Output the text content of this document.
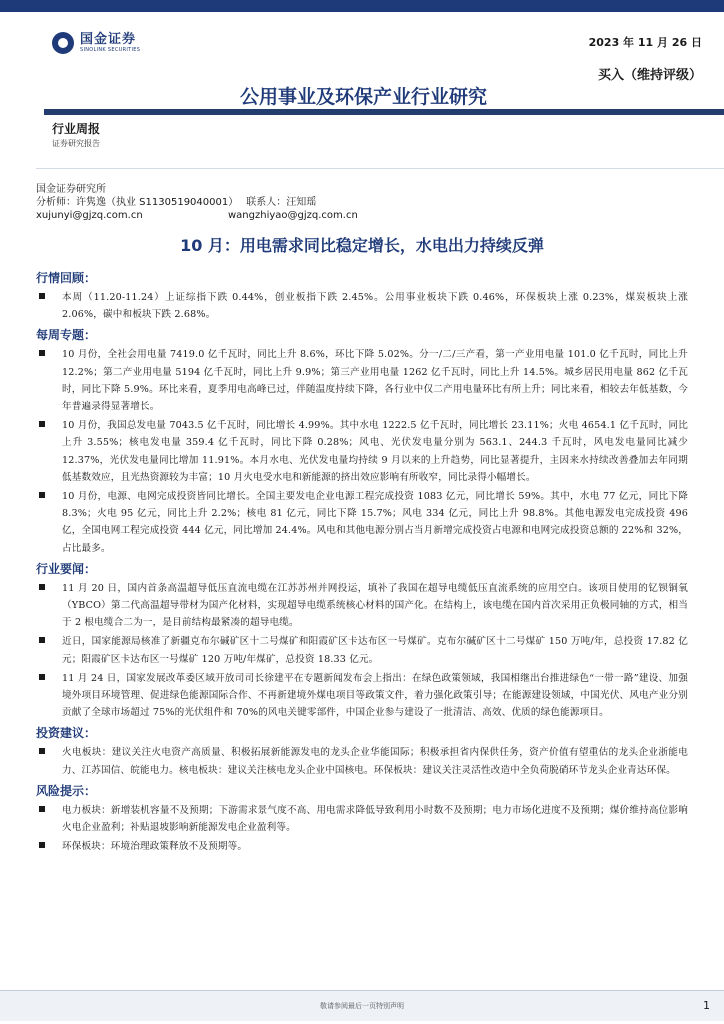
国金证券
SINOLINK SECURITIES
2023 年 11 月 26 日
买入（维持评级）
公用事业及环保产业行业研究
行业周报
证券研究报告
国金证券研究所
分析师：许隽逸（执业 S1130519040001） 联系人：汪知瑶
xujunyi@gjzq.com.cn	wangzhiyao@gjzq.com.cn
10 月：用电需求同比稳定增长，水电出力持续反弹
行情回顾：

本周（11.20-11.24）上证综指下跌 0.44%，创业板指下跌 2.45%。公用事业板块下跌 0.46%，环保板块上涨 0.23%，煤炭板块上涨 2.06%，碳中和板块下跌 2.68%。

每周专题：

10 月份，全社会用电量 7419.0 亿千瓦时，同比上升 8.6%，环比下降 5.02%。分一/二/三产看，第一产业用电量 101.0 亿千瓦时，同比上升 12.2%；第二产业用电量 5194 亿千瓦时，同比上升 9.9%；第三产业用电量 1262 亿千瓦时，同比上升 14.5%。城乡居民用电量 862 亿千瓦时，同比下降 5.9%。环比来看，夏季用电高峰已过，伴随温度持续下降，各行业中仅二产用电量环比有所上升；同比来看，相较去年低基数，今年普遍录得显著增长。

10 月份，我国总发电量 7043.5 亿千瓦时，同比增长 4.99%。其中水电 1222.5 亿千瓦时，同比增长 23.11%；火电 4654.1 亿千瓦时，同比上升 3.55%；核电发电量 359.4 亿千瓦时，同比下降 0.28%；风电、光伏发电量分别为 563.1、244.3 千瓦时，风电发电量同比减少 12.37%，光伏发电量同比增加 11.91%。本月水电、光伏发电量均持续 9 月以来的上升趋势，同比显著提升，主因来水持续改善叠加去年同期低基数效应，且光热资源较为丰富；10 月火电受水电和新能源的挤出效应影响有所收窄，同比录得小幅增长。

10 月份，电源、电网完成投资皆同比增长。全国主要发电企业电源工程完成投资 1083 亿元，同比增长 59%。其中，水电 77 亿元，同比下降 8.3%；火电 95 亿元，同比上升 2.2%；核电 81 亿元，同比下降 15.7%；风电 334 亿元，同比上升 98.8%。其他电源发电完成投资 496 亿，全国电网工程完成投资 444 亿元，同比增加 24.4%。风电和其他电源分别占当月新增完成投资占电源和电网完成投资总额的 22%和 32%，占比最多。

行业要闻：

11 月 20 日，国内首条高温超导低压直流电缆在江苏苏州并网投运，填补了我国在超导电缆低压直流系统的应用空白。该项目使用的钇钡铜氧（YBCO）第二代高温超导带材为国产化材料，实现超导电缆系统核心材料的国产化。在结构上，该电缆在国内首次采用正负极同轴的方式，相当于 2 根电缆合二为一，是目前结构最紧凑的超导电缆。

近日，国家能源局核准了新疆克布尔碱矿区十二号煤矿和阳霞矿区卡达布区一号煤矿。克布尔碱矿区十二号煤矿 150 万吨/年，总投资 17.82 亿元；阳霞矿区卡达布区一号煤矿 120 万吨/年煤矿，总投资 18.33 亿元。

11 月 24 日，国家发展改革委区域开放司司长徐建平在专题新闻发布会上指出：在绿色政策领域，我国相继出台推进绿色“一带一路”建设、加强境外项目环境管理、促进绿色能源国际合作、不再新建境外煤电项目等政策文件，着力强化政策引导；在能源建设领域，中国光伏、风电产业分别贡献了全球市场超过 75%的光伏组件和 70%的风电关键零部件，中国企业参与建设了一批清洁、高效、优质的绿色能源项目。

投资建议：

火电板块：建议关注火电资产高质量、积极拓展新能源发电的龙头企业华能国际；积极承担省内保供任务，资产价值有望重估的龙头企业浙能电力、江苏国信、皖能电力。核电板块：建议关注核电龙头企业中国核电。环保板块：建议关注灵活性改造中全负荷脱硝环节龙头企业青达环保。

风险提示：

电力板块：新增装机容量不及预期；下游需求景气度不高、用电需求降低导致利用小时数不及预期；电力市场化进度不及预期；煤价维持高位影响火电企业盈利；补贴退坡影响新能源发电企业盈利等。

环保板块：环境治理政策释放不及预期等。

敬请参阅最后一页特别声明	1
